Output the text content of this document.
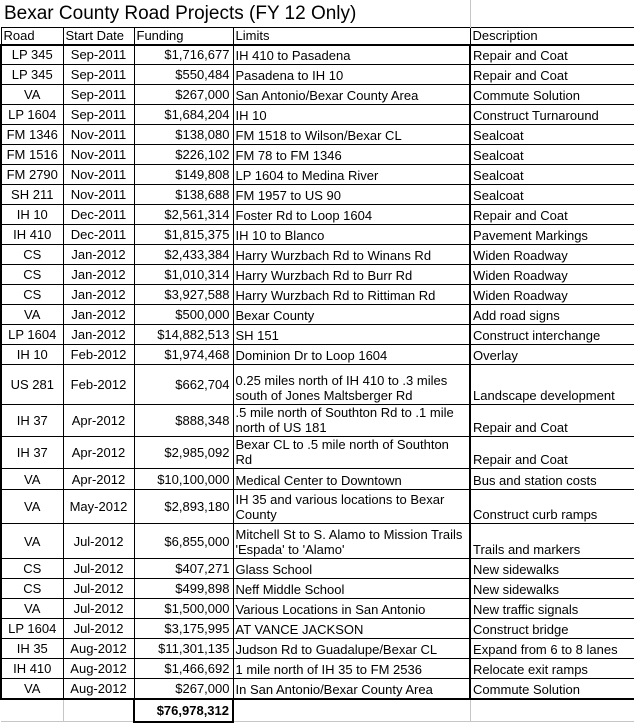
Bexar County Road Projects (FY 12 Only)				
Road	Start Date	Funding	Limits	Description
LP 345	Sep-2011	$1,716,677	IH 410 to Pasadena	Repair and Coat
LP 345	Sep-2011	$550,484	Pasadena to IH 10	Repair and Coat
VA	Sep-2011	$267,000	San Antonio/Bexar County Area	Commute Solution
LP 1604	Sep-2011	$1,684,204	IH 10	Construct Turnaround
FM 1346	Nov-2011	$138,080	FM 1518 to Wilson/Bexar CL	Sealcoat
FM 1516	Nov-2011	$226,102	FM 78 to FM 1346	Sealcoat
FM 2790	Nov-2011	$149,808	LP 1604 to Medina River	Sealcoat
SH 211	Nov-2011	$138,688	FM 1957 to US 90	Sealcoat
IH 10	Dec-2011	$2,561,314	Foster Rd to Loop 1604	Repair and Coat
IH 410	Dec-2011	$1,815,375	IH 10 to Blanco	Pavement Markings
CS	Jan-2012	$2,433,384	Harry Wurzbach Rd to Winans Rd	Widen Roadway
CS	Jan-2012	$1,010,314	Harry Wurzbach Rd to Burr Rd	Widen Roadway
CS	Jan-2012	$3,927,588	Harry Wurzbach Rd to Rittiman Rd	Widen Roadway
VA	Jan-2012	$500,000	Bexar County	Add road signs
LP 1604	Jan-2012	$14,882,513	SH 151	Construct interchange
IH 10	Feb-2012	$1,974,468	Dominion Dr to Loop 1604	Overlay
US 281	Feb-2012	$662,704	0.25 miles north of IH 410 to .3 miles south of Jones Maltsberger Rd	Landscape development
IH 37	Apr-2012	$888,348	.5 mile north of Southton Rd to .1 mile north of US 181	Repair and Coat
IH 37	Apr-2012	$2,985,092	Bexar CL to .5 mile north of Southton Rd	Repair and Coat
VA	Apr-2012	$10,100,000	Medical Center to Downtown	Bus and station costs
VA	May-2012	$2,893,180	IH 35 and various locations to Bexar County	Construct curb ramps
VA	Jul-2012	$6,855,000	Mitchell St to S. Alamo to Mission Trails 'Espada' to 'Alamo'	Trails and markers
CS	Jul-2012	$407,271	Glass School	New sidewalks
CS	Jul-2012	$499,898	Neff Middle School	New sidewalks
VA	Jul-2012	$1,500,000	Various Locations in San Antonio	New traffic signals
LP 1604	Jul-2012	$3,175,995	AT VANCE JACKSON	Construct bridge
IH 35	Aug-2012	$11,301,135	Judson Rd to Guadalupe/Bexar CL	Expand from 6 to 8 lanes
IH 410	Aug-2012	$1,466,692	1 mile north of IH 35 to FM 2536	Relocate exit ramps
VA	Aug-2012	$267,000	In San Antonio/Bexar County Area	Commute Solution
		$76,978,312		
